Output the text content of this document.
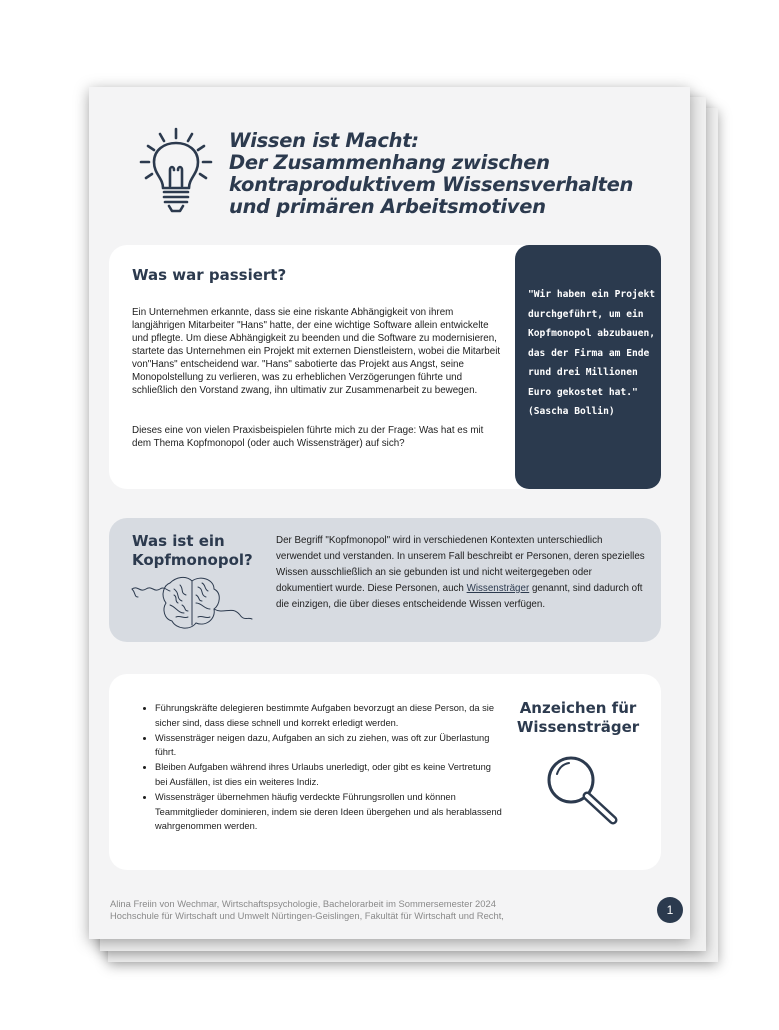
Wissen ist Macht:
Der Zusammenhang zwischen
kontraproduktivem Wissensverhalten
und primären Arbeitsmotiven
Was war passiert?
Ein Unternehmen erkannte, dass sie eine riskante Abhängigkeit von ihrem langjährigen Mitarbeiter "Hans" hatte, der eine wichtige Software allein entwickelte und pflegte. Um diese Abhängigkeit zu beenden und die Software zu modernisieren, startete das Unternehmen ein Projekt mit externen Dienstleistern, wobei die Mitarbeit von"Hans" entscheidend war. "Hans" sabotierte das Projekt aus Angst, seine Monopolstellung zu verlieren, was zu erheblichen Verzögerungen führte und schließlich den Vorstand zwang, ihn ultimativ zur Zusammenarbeit zu bewegen.
Dieses eine von vielen Praxisbeispielen führte mich zu der Frage: Was hat es mit dem Thema Kopfmonopol (oder auch Wissensträger) auf sich?
"Wir haben ein Projekt durchgeführt, um ein Kopfmonopol abzubauen, das der Firma am Ende rund drei Millionen Euro gekostet hat." (Sascha Bollin)
Was ist ein Kopfmonopol?
Der Begriff "Kopfmonopol" wird in verschiedenen Kontexten unterschiedlich verwendet und verstanden. In unserem Fall beschreibt er Personen, deren spezielles Wissen ausschließlich an sie gebunden ist und nicht weitergegeben oder dokumentiert wurde. Diese Personen, auch Wissensträger genannt, sind dadurch oft die einzigen, die über dieses entscheidende Wissen verfügen.
• Führungskräfte delegieren bestimmte Aufgaben bevorzugt an diese Person, da sie sicher sind, dass diese schnell und korrekt erledigt werden.
• Wissensträger neigen dazu, Aufgaben an sich zu ziehen, was oft zur Überlastung führt.
• Bleiben Aufgaben während ihres Urlaubs unerledigt, oder gibt es keine Vertretung bei Ausfällen, ist dies ein weiteres Indiz.
• Wissensträger übernehmen häufig verdeckte Führungsrollen und können Teammitglieder dominieren, indem sie deren Ideen übergehen und als herablassend wahrgenommen werden.
Anzeichen für Wissensträger
Alina Freiin von Wechmar, Wirtschaftspsychologie, Bachelorarbeit im Sommersemester 2024
Hochschule für Wirtschaft und Umwelt Nürtingen-Geislingen, Fakultät für Wirtschaft und Recht,	1
